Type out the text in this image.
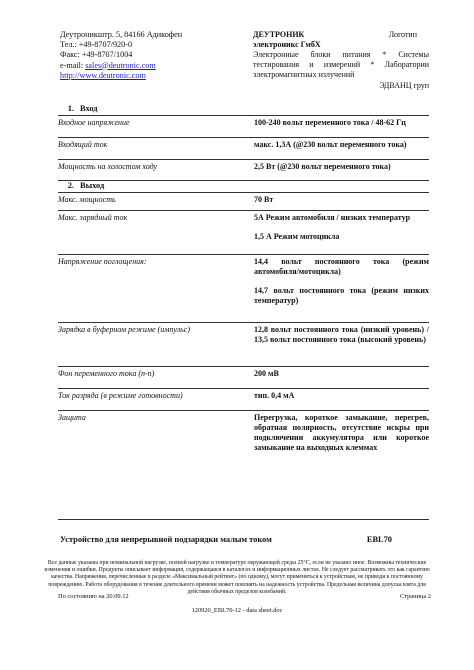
Деутроникштр. 5, 84166 Адикофен
Тел.: +49-8707/920-0
Факс: +49-8707/1004
e-mail: sales@deutronic.com
http://www.deutronic.com
ДЕУТРОНИК	Логотип
электроникс ГмбХ
Электронные блоки питания * Системы тестирования и измерений * Лаборатории электромагнитных излучений
ЭДВАНЦ груп
1. Вход
Входное напряжение	100-240 вольт переменного тока / 48-62 Гц

Входящий ток	макс. 1,3А (@230 вольт переменного тока)

Мощность на холостом ходу	2,5 Вт (@230 вольт переменного тока)

2. Выход
Макс. мощность	70 Вт

Макс. зарядный ток	5А Режим автомобиля / низких температур

1,5 А Режим мотоцикла

Напряжение поглощения:	14,4 вольт постоянного тока (режим автомобиля/мотоцикла)

14,7 вольт постоянного тока (режим низких температур)

Зарядка в буферном режиме (импульс)	12,8 вольт постоянного тока (низкий уровень) / 13,5 вольт постоянного тока (высокий уровень)

Фон переменного тока (п-п)	200 мВ

Ток разряда (в режиме готовности)	тип. 0,4 мА

Защита	Перегрузка, короткое замыкание, перегрев, обратная полярность, отсутствие искры при подключении аккумулятора или короткое замыкание на выходных клеммах

Устройство для непрерывной подзарядки малым током	EBL70
Все данные указаны при номинальной нагрузке, полной нагрузке и температуре окружающей среды 25°C, если не указано иное. Возможны технические изменения и ошибки. Продукты описывает информация, содержащаяся в каталогах и информационных листах. Не следует рассматривать это как гарантию качества. Напряжения, перечисленные в разделе «Максимальный рейтинг» (по одному), могут применяться к устройствам, не приводя к постоянному повреждению. Работа оборудования в течение длительного времени может повлиять на надежность устройства. Предельная величина допуска взята для действия обычных пределов колебаний.
По состоянию на 20.09.12	Страница 2
120920_EBL70-12 - data sheet.doc
